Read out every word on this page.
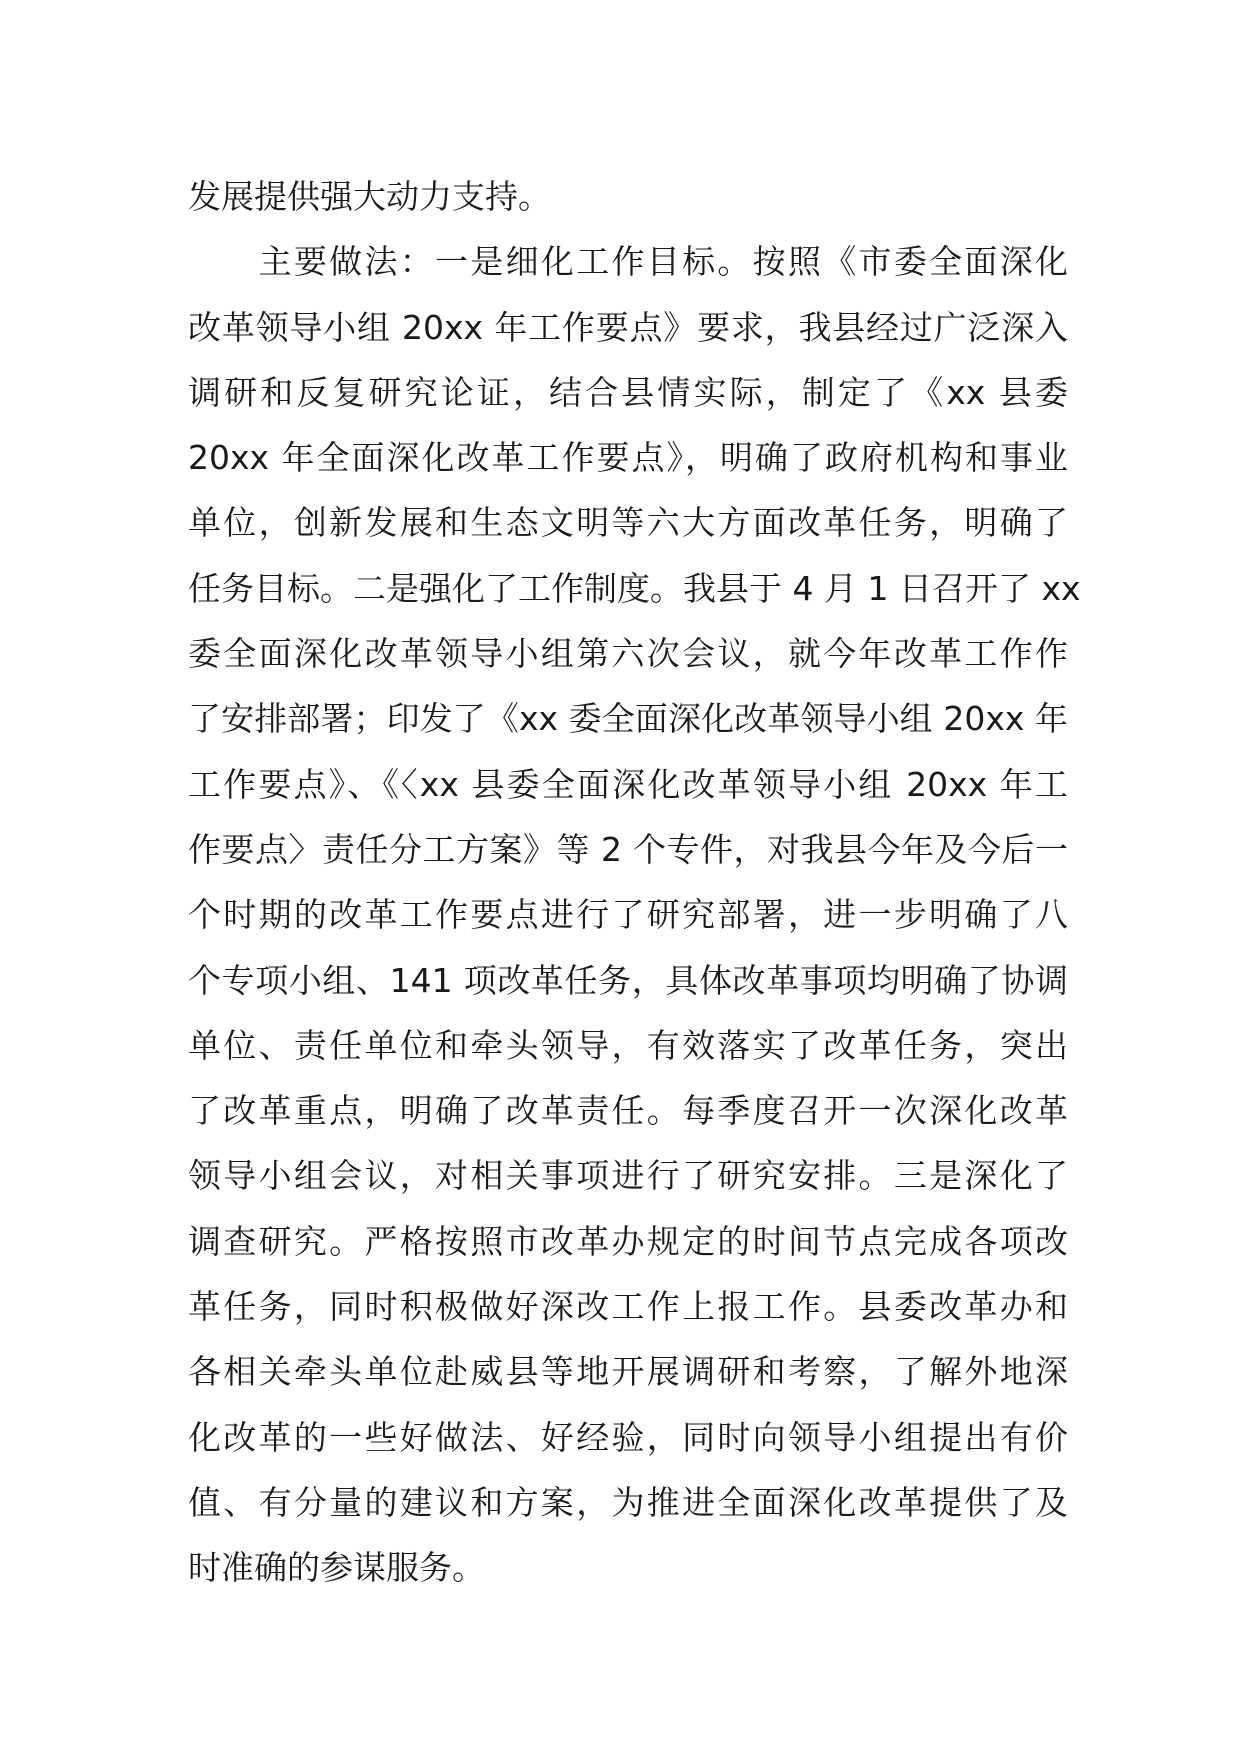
发展提供强大动力支持。
　　主要做法：一是细化工作目标。按照《市委全面深化
改革领导小组 20xx 年工作要点》要求，我县经过广泛深入
调研和反复研究论证，结合县情实际，制定了《xx 县委
20xx 年全面深化改革工作要点》，明确了政府机构和事业
单位，创新发展和生态文明等六大方面改革任务，明确了
任务目标。二是强化了工作制度。我县于 4 月 1 日召开了 xx
委全面深化改革领导小组第六次会议，就今年改革工作作
了安排部署；印发了《xx 委全面深化改革领导小组 20xx 年
工作要点》、《〈xx 县委全面深化改革领导小组 20xx 年工
作要点〉责任分工方案》等 2 个专件，对我县今年及今后一
个时期的改革工作要点进行了研究部署，进一步明确了八
个专项小组、141 项改革任务，具体改革事项均明确了协调
单位、责任单位和牵头领导，有效落实了改革任务，突出
了改革重点，明确了改革责任。每季度召开一次深化改革
领导小组会议，对相关事项进行了研究安排。三是深化了
调查研究。严格按照市改革办规定的时间节点完成各项改
革任务，同时积极做好深改工作上报工作。县委改革办和
各相关牵头单位赴威县等地开展调研和考察，了解外地深
化改革的一些好做法、好经验，同时向领导小组提出有价
值、有分量的建议和方案，为推进全面深化改革提供了及
时准确的参谋服务。
